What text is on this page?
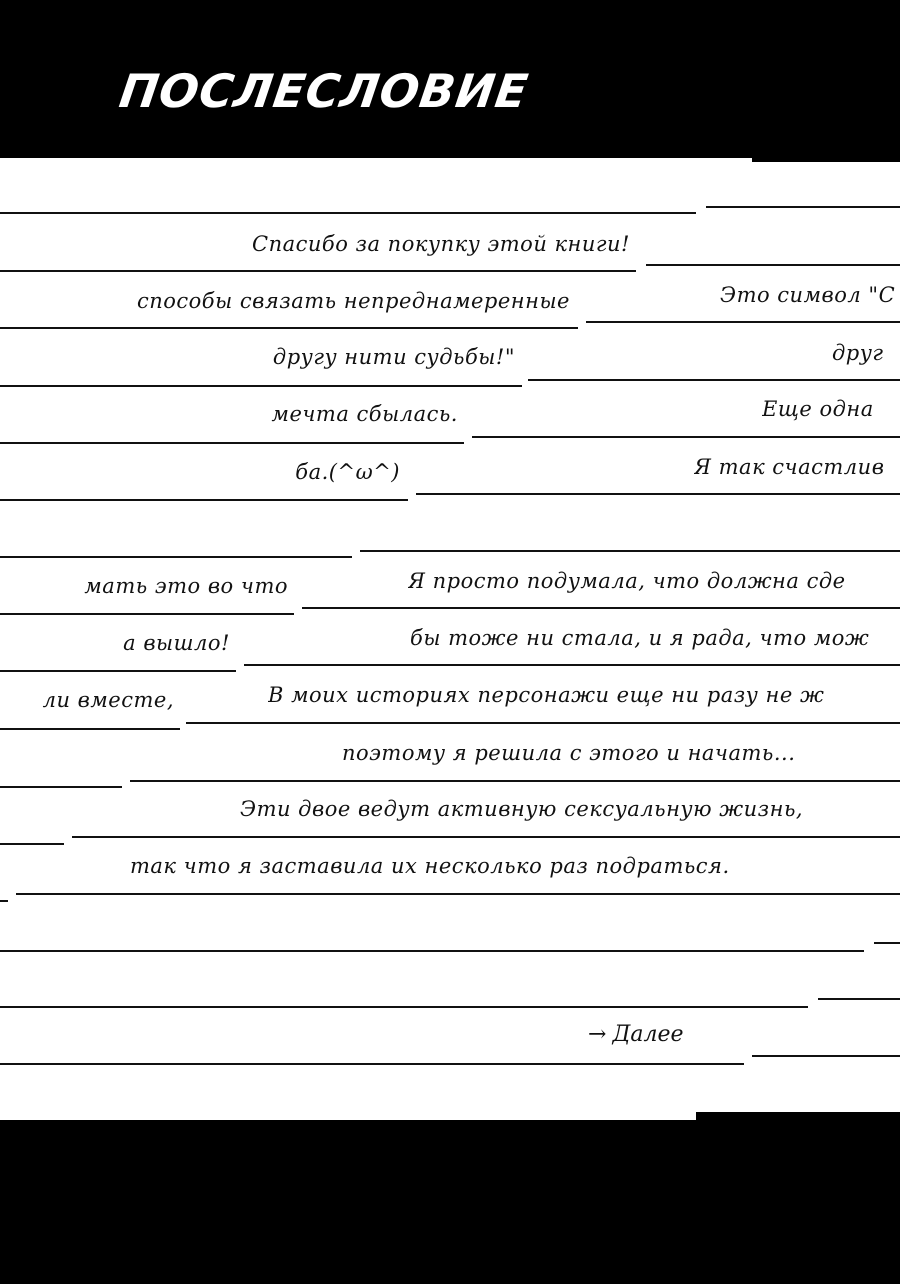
ПОСЛЕСЛОВИЕ
Спасибо за покупку этой книги!
способы связать непреднамеренные
другу нити судьбы!"
мечта сбылась.
ба.(^ω^)
мать это во что
а вышло!
ли вместе,
Это символ "С
друг
Еще одна
Я так счастлив
Я просто подумала, что должна сде
бы тоже ни стала, и я рада, что мож
В моих историях персонажи еще ни разу не ж
поэтому я решила с этого и начать...
Эти двое ведут активную сексуальную жизнь,
так что я заставила их несколько раз подраться.
→ Далее
